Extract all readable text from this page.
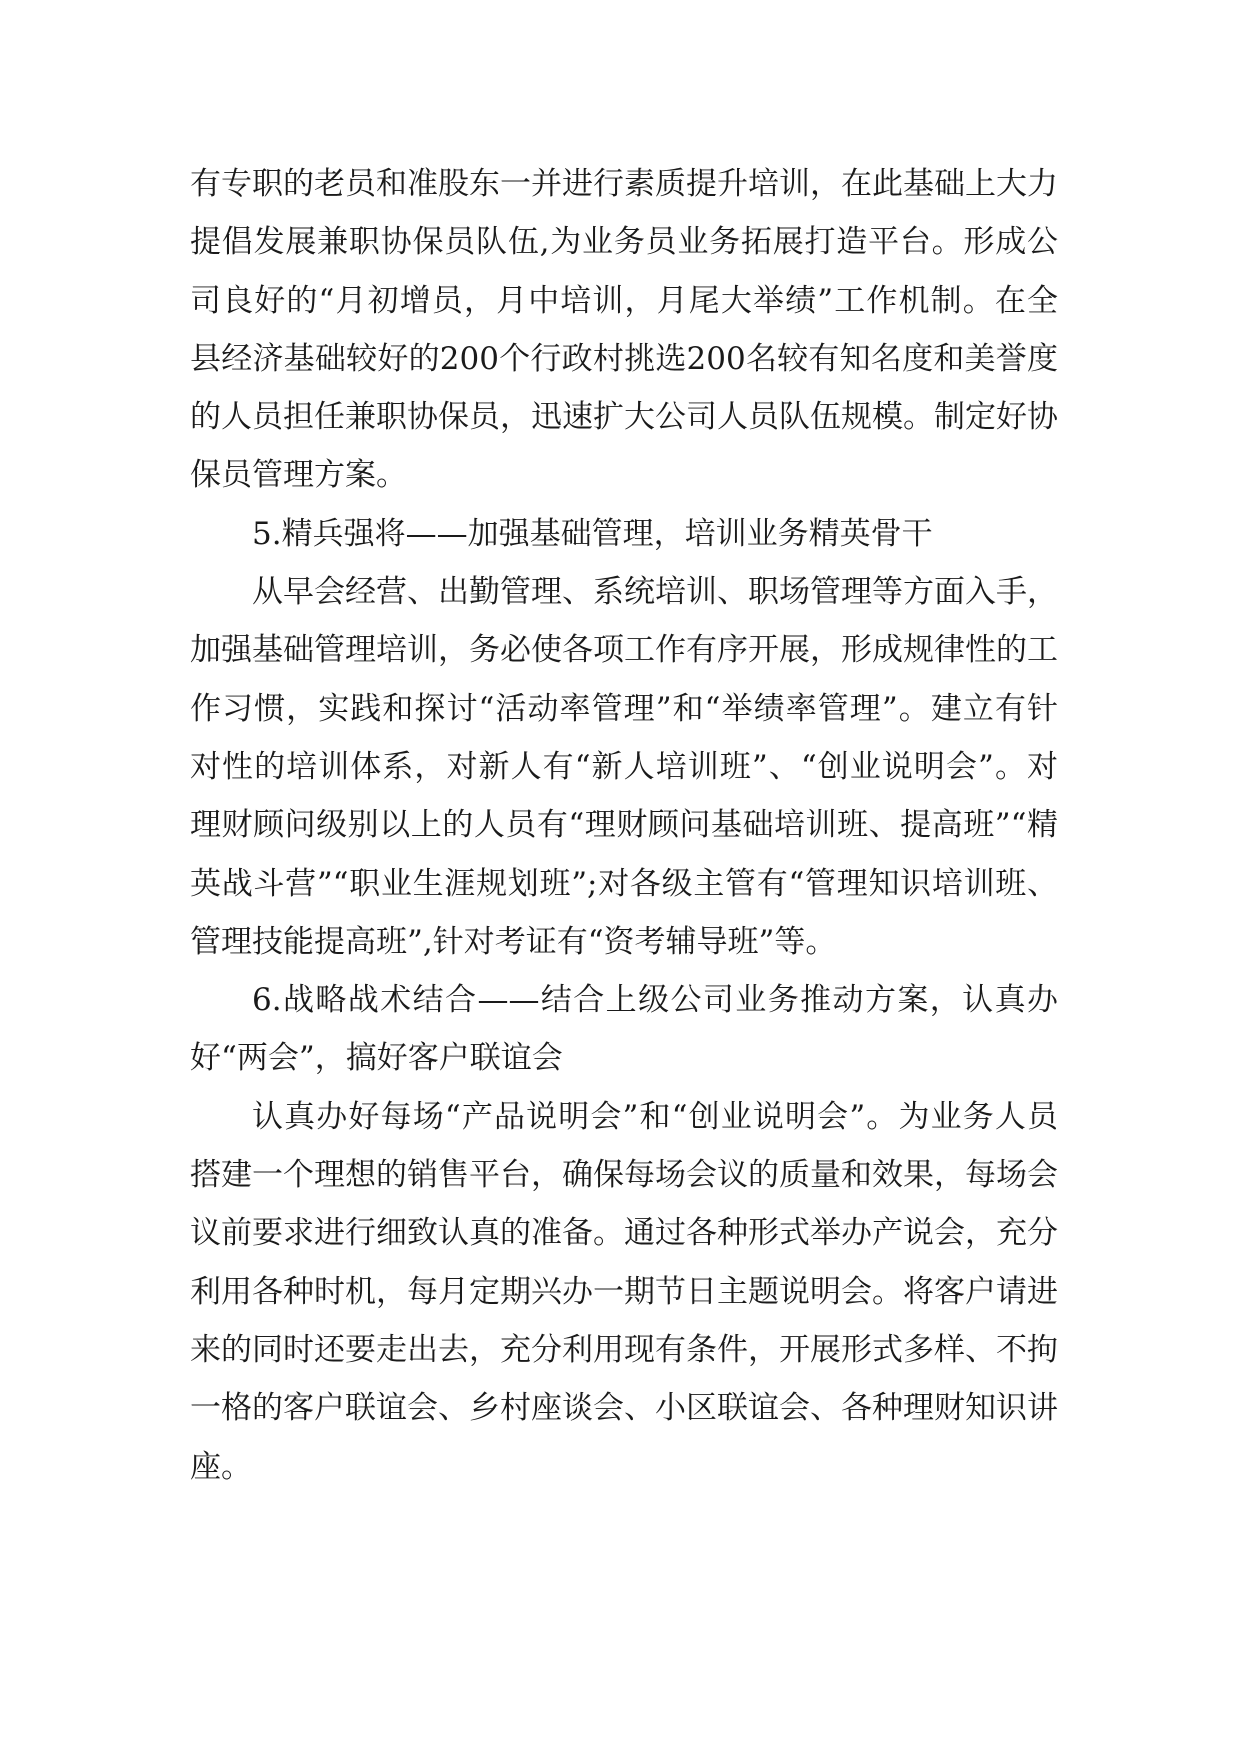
有专职的老员和准股东一并进行素质提升培训，在此基础上大力提倡发展兼职协保员队伍,为业务员业务拓展打造平台。形成公司良好的“月初增员，月中培训，月尾大举绩”工作机制。在全县经济基础较好的200个行政村挑选200名较有知名度和美誉度的人员担任兼职协保员，迅速扩大公司人员队伍规模。制定好协保员管理方案。

5.精兵强将——加强基础管理，培训业务精英骨干

从早会经营、出勤管理、系统培训、职场管理等方面入手，加强基础管理培训，务必使各项工作有序开展，形成规律性的工作习惯，实践和探讨“活动率管理”和“举绩率管理”。建立有针对性的培训体系，对新人有“新人培训班”、“创业说明会”。对理财顾问级别以上的人员有“理财顾问基础培训班、提高班”“精英战斗营”“职业生涯规划班”;对各级主管有“管理知识培训班、管理技能提高班”,针对考证有“资考辅导班”等。

6.战略战术结合——结合上级公司业务推动方案，认真办好“两会”，搞好客户联谊会

认真办好每场“产品说明会”和“创业说明会”。为业务人员搭建一个理想的销售平台，确保每场会议的质量和效果，每场会议前要求进行细致认真的准备。通过各种形式举办产说会，充分利用各种时机，每月定期兴办一期节日主题说明会。将客户请进来的同时还要走出去，充分利用现有条件，开展形式多样、不拘一格的客户联谊会、乡村座谈会、小区联谊会、各种理财知识讲座。
